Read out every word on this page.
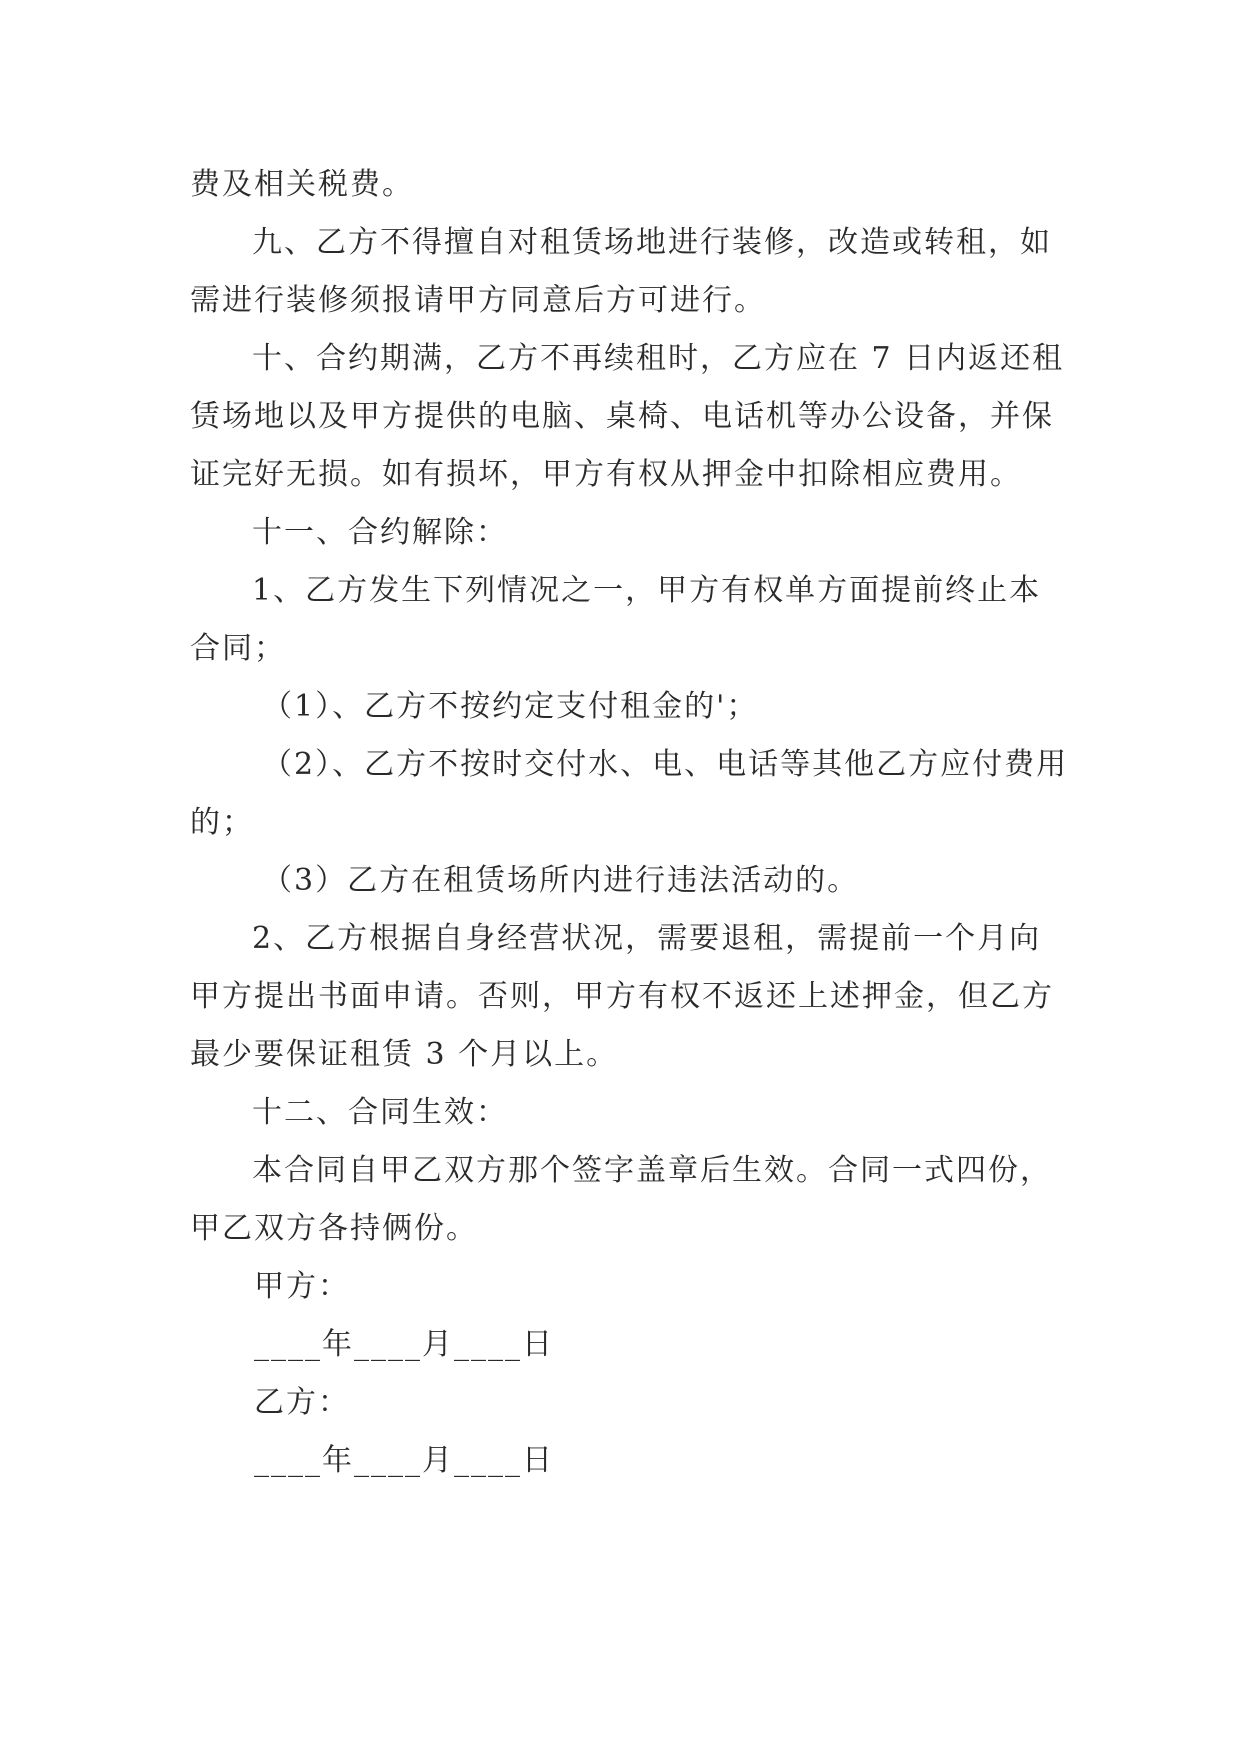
费及相关税费。

九、乙方不得擅自对租赁场地进行装修，改造或转租，如需进行装修须报请甲方同意后方可进行。

十、合约期满，乙方不再续租时，乙方应在 7 日内返还租赁场地以及甲方提供的电脑、桌椅、电话机等办公设备，并保证完好无损。如有损坏，甲方有权从押金中扣除相应费用。

十一、合约解除：

1、乙方发生下列情况之一，甲方有权单方面提前终止本合同；

（1）、乙方不按约定支付租金的'；

（2）、乙方不按时交付水、电、电话等其他乙方应付费用的；

（3）乙方在租赁场所内进行违法活动的。

2、乙方根据自身经营状况，需要退租，需提前一个月向甲方提出书面申请。否则，甲方有权不返还上述押金，但乙方最少要保证租赁 3 个月以上。

十二、合同生效：

本合同自甲乙双方那个签字盖章后生效。合同一式四份，甲乙双方各持俩份。

甲方：

____年____月____日

乙方：

____年____月____日
